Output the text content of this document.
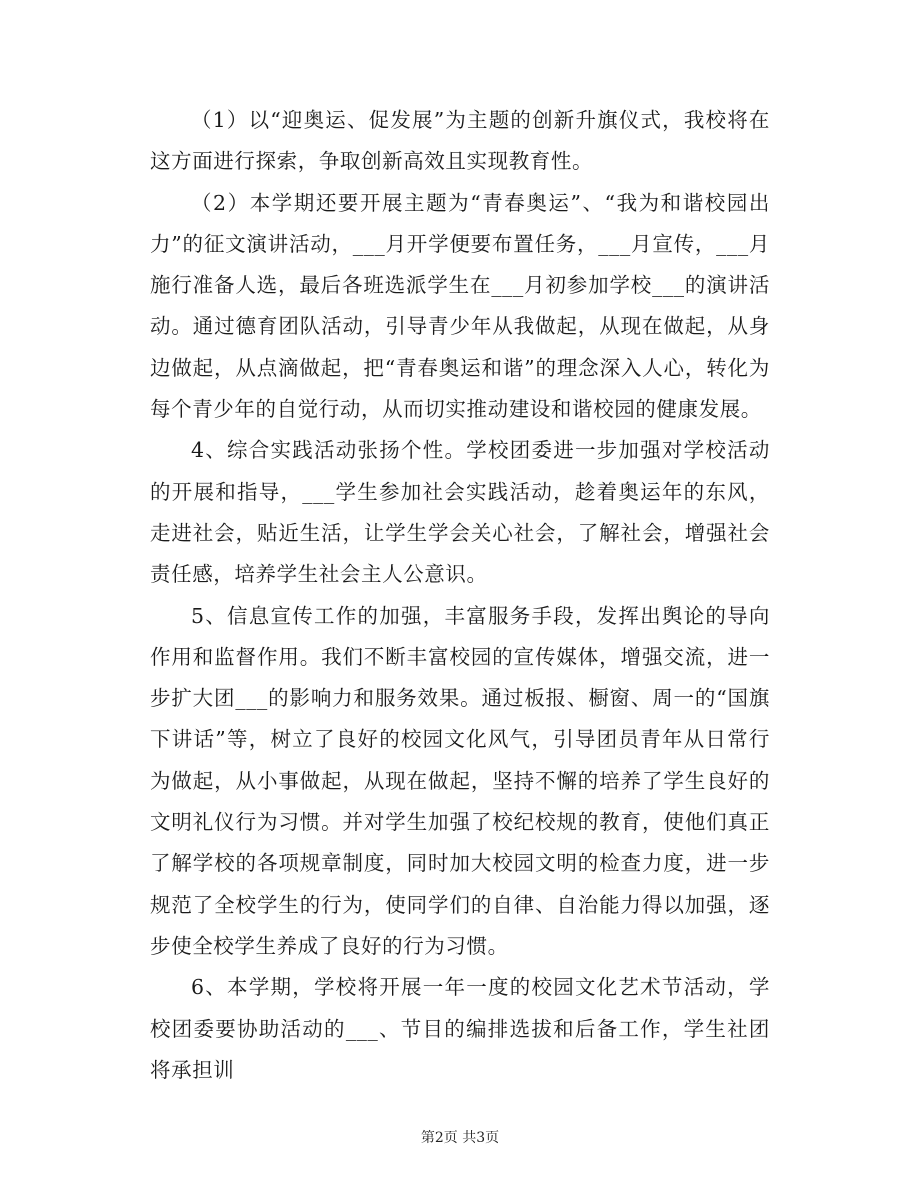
（1）以“迎奥运、促发展”为主题的创新升旗仪式，我校将在这方面进行探索，争取创新高效且实现教育性。

（2）本学期还要开展主题为“青春奥运”、“我为和谐校园出力”的征文演讲活动，___月开学便要布置任务，___月宣传，___月施行准备人选，最后各班选派学生在___月初参加学校___的演讲活动。通过德育团队活动，引导青少年从我做起，从现在做起，从身边做起，从点滴做起，把“青春奥运和谐”的理念深入人心，转化为每个青少年的自觉行动，从而切实推动建设和谐校园的健康发展。

4、综合实践活动张扬个性。学校团委进一步加强对学校活动的开展和指导，___学生参加社会实践活动，趁着奥运年的东风，走进社会，贴近生活，让学生学会关心社会，了解社会，增强社会责任感，培养学生社会主人公意识。

5、信息宣传工作的加强，丰富服务手段，发挥出舆论的导向作用和监督作用。我们不断丰富校园的宣传媒体，增强交流，进一步扩大团___的影响力和服务效果。通过板报、橱窗、周一的“国旗下讲话”等，树立了良好的校园文化风气，引导团员青年从日常行为做起，从小事做起，从现在做起，坚持不懈的培养了学生良好的文明礼仪行为习惯。并对学生加强了校纪校规的教育，使他们真正了解学校的各项规章制度，同时加大校园文明的检查力度，进一步规范了全校学生的行为，使同学们的自律、自治能力得以加强，逐步使全校学生养成了良好的行为习惯。

6、本学期，学校将开展一年一度的校园文化艺术节活动，学校团委要协助活动的___、节目的编排选拔和后备工作，学生社团将承担训

第2页 共3页
